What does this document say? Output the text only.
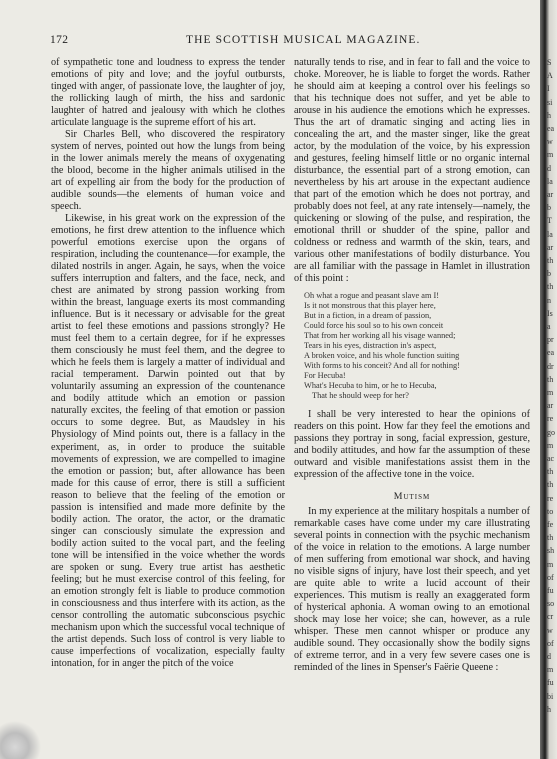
172	THE SCOTTISH MUSICAL MAGAZINE.

of sympathetic tone and loudness to express the tender emotions of pity and love; and the joyful outbursts, tinged with anger, of passionate love, the laughter of joy, the rollicking laugh of mirth, the hiss and sardonic laughter of hatred and jealousy with which he clothes articulate language is the supreme effort of his art.

Sir Charles Bell, who discovered the respiratory system of nerves, pointed out how the lungs from being in the lower animals merely the means of oxygenating the blood, become in the higher animals utilised in the art of expelling air from the body for the production of audible sounds—the elements of human voice and speech.

Likewise, in his great work on the expression of the emotions, he first drew attention to the influence which powerful emotions exercise upon the organs of respiration, including the countenance—for example, the dilated nostrils in anger. Again, he says, when the voice suffers interruption and falters, and the face, neck, and chest are animated by strong passion working from within the breast, language exerts its most commanding influence. But is it necessary or advisable for the great artist to feel these emotions and passions strongly? He must feel them to a certain degree, for if he expresses them consciously he must feel them, and the degree to which he feels them is largely a matter of individual and racial temperament. Darwin pointed out that by voluntarily assuming an expression of the countenance and bodily attitude which an emotion or passion naturally excites, the feeling of that emotion or passion occurs to some degree. But, as Maudsley in his Physiology of Mind points out, there is a fallacy in the experiment, as, in order to produce the suitable movements of expression, we are compelled to imagine the emotion or passion; but, after allowance has been made for this cause of error, there is still a sufficient reason to believe that the feeling of the emotion or passion is intensified and made more definite by the bodily action. The orator, the actor, or the dramatic singer can consciously simulate the expression and bodily action suited to the vocal part, and the feeling tone will be intensified in the voice whether the words are spoken or sung. Every true artist has aesthetic feeling; but he must exercise control of this feeling, for an emotion strongly felt is liable to produce commotion in consciousness and thus interfere with its action, as the censor controlling the automatic subconscious psychic mechanism upon which the successful vocal technique of the artist depends. Such loss of control is very liable to cause imperfections of vocalization, especially faulty intonation, for in anger the pitch of the voice

naturally tends to rise, and in fear to fall and the voice to choke. Moreover, he is liable to forget the words. Rather he should aim at keeping a control over his feelings so that his technique does not suffer, and yet be able to arouse in his audience the emotions which he expresses. Thus the art of dramatic singing and acting lies in concealing the art, and the master singer, like the great actor, by the modulation of the voice, by his expression and gestures, feeling himself little or no organic internal disturbance, the essential part of a strong emotion, can nevertheless by his art arouse in the expectant audience that part of the emotion which he does not portray, and probably does not feel, at any rate intensely—namely, the quickening or slowing of the pulse, and respiration, the emotional thrill or shudder of the spine, pallor and coldness or redness and warmth of the skin, tears, and various other manifestations of bodily disturbance. You are all familiar with the passage in Hamlet in illustration of this point :

Oh what a rogue and peasant slave am I!
Is it not monstrous that this player here,
But in a fiction, in a dream of passion,
Could force his soul so to his own conceit
That from her working all his visage wanned;
Tears in his eyes, distraction in's aspect,
A broken voice, and his whole function suiting
With forms to his conceit? And all for nothing!
For Hecuba!
What's Hecuba to him, or he to Hecuba,
That he should weep for her?

I shall be very interested to hear the opinions of readers on this point. How far they feel the emotions and passions they portray in song, facial expression, gesture, and bodily attitudes, and how far the assumption of these outward and visible manifestations assist them in the expression of the affective tone in the voice.

Mutism

In my experience at the military hospitals a number of remarkable cases have come under my care illustrating several points in connection with the psychic mechanism of the voice in relation to the emotions. A large number of men suffering from emotional war shock, and having no visible signs of injury, have lost their speech, and yet are quite able to write a lucid account of their experiences. This mutism is really an exaggerated form of hysterical aphonia. A woman owing to an emotional shock may lose her voice; she can, however, as a rule whisper. These men cannot whisper or produce any audible sound. They occasionally show the bodily signs of extreme terror, and in a very few severe cases one is reminded of the lines in Spenser's Faërie Queene :

S
A
I
si
h
ea
w
m
d
la
ar
b
T
la
ar
th
b
th
n
Is
a
pr
ea
dr
th
m
ar
re
go
m
ac
th
th
re
to
fe
th
sh
m
of
fu
so
cr
w
of
d
m
fu
bi
h
